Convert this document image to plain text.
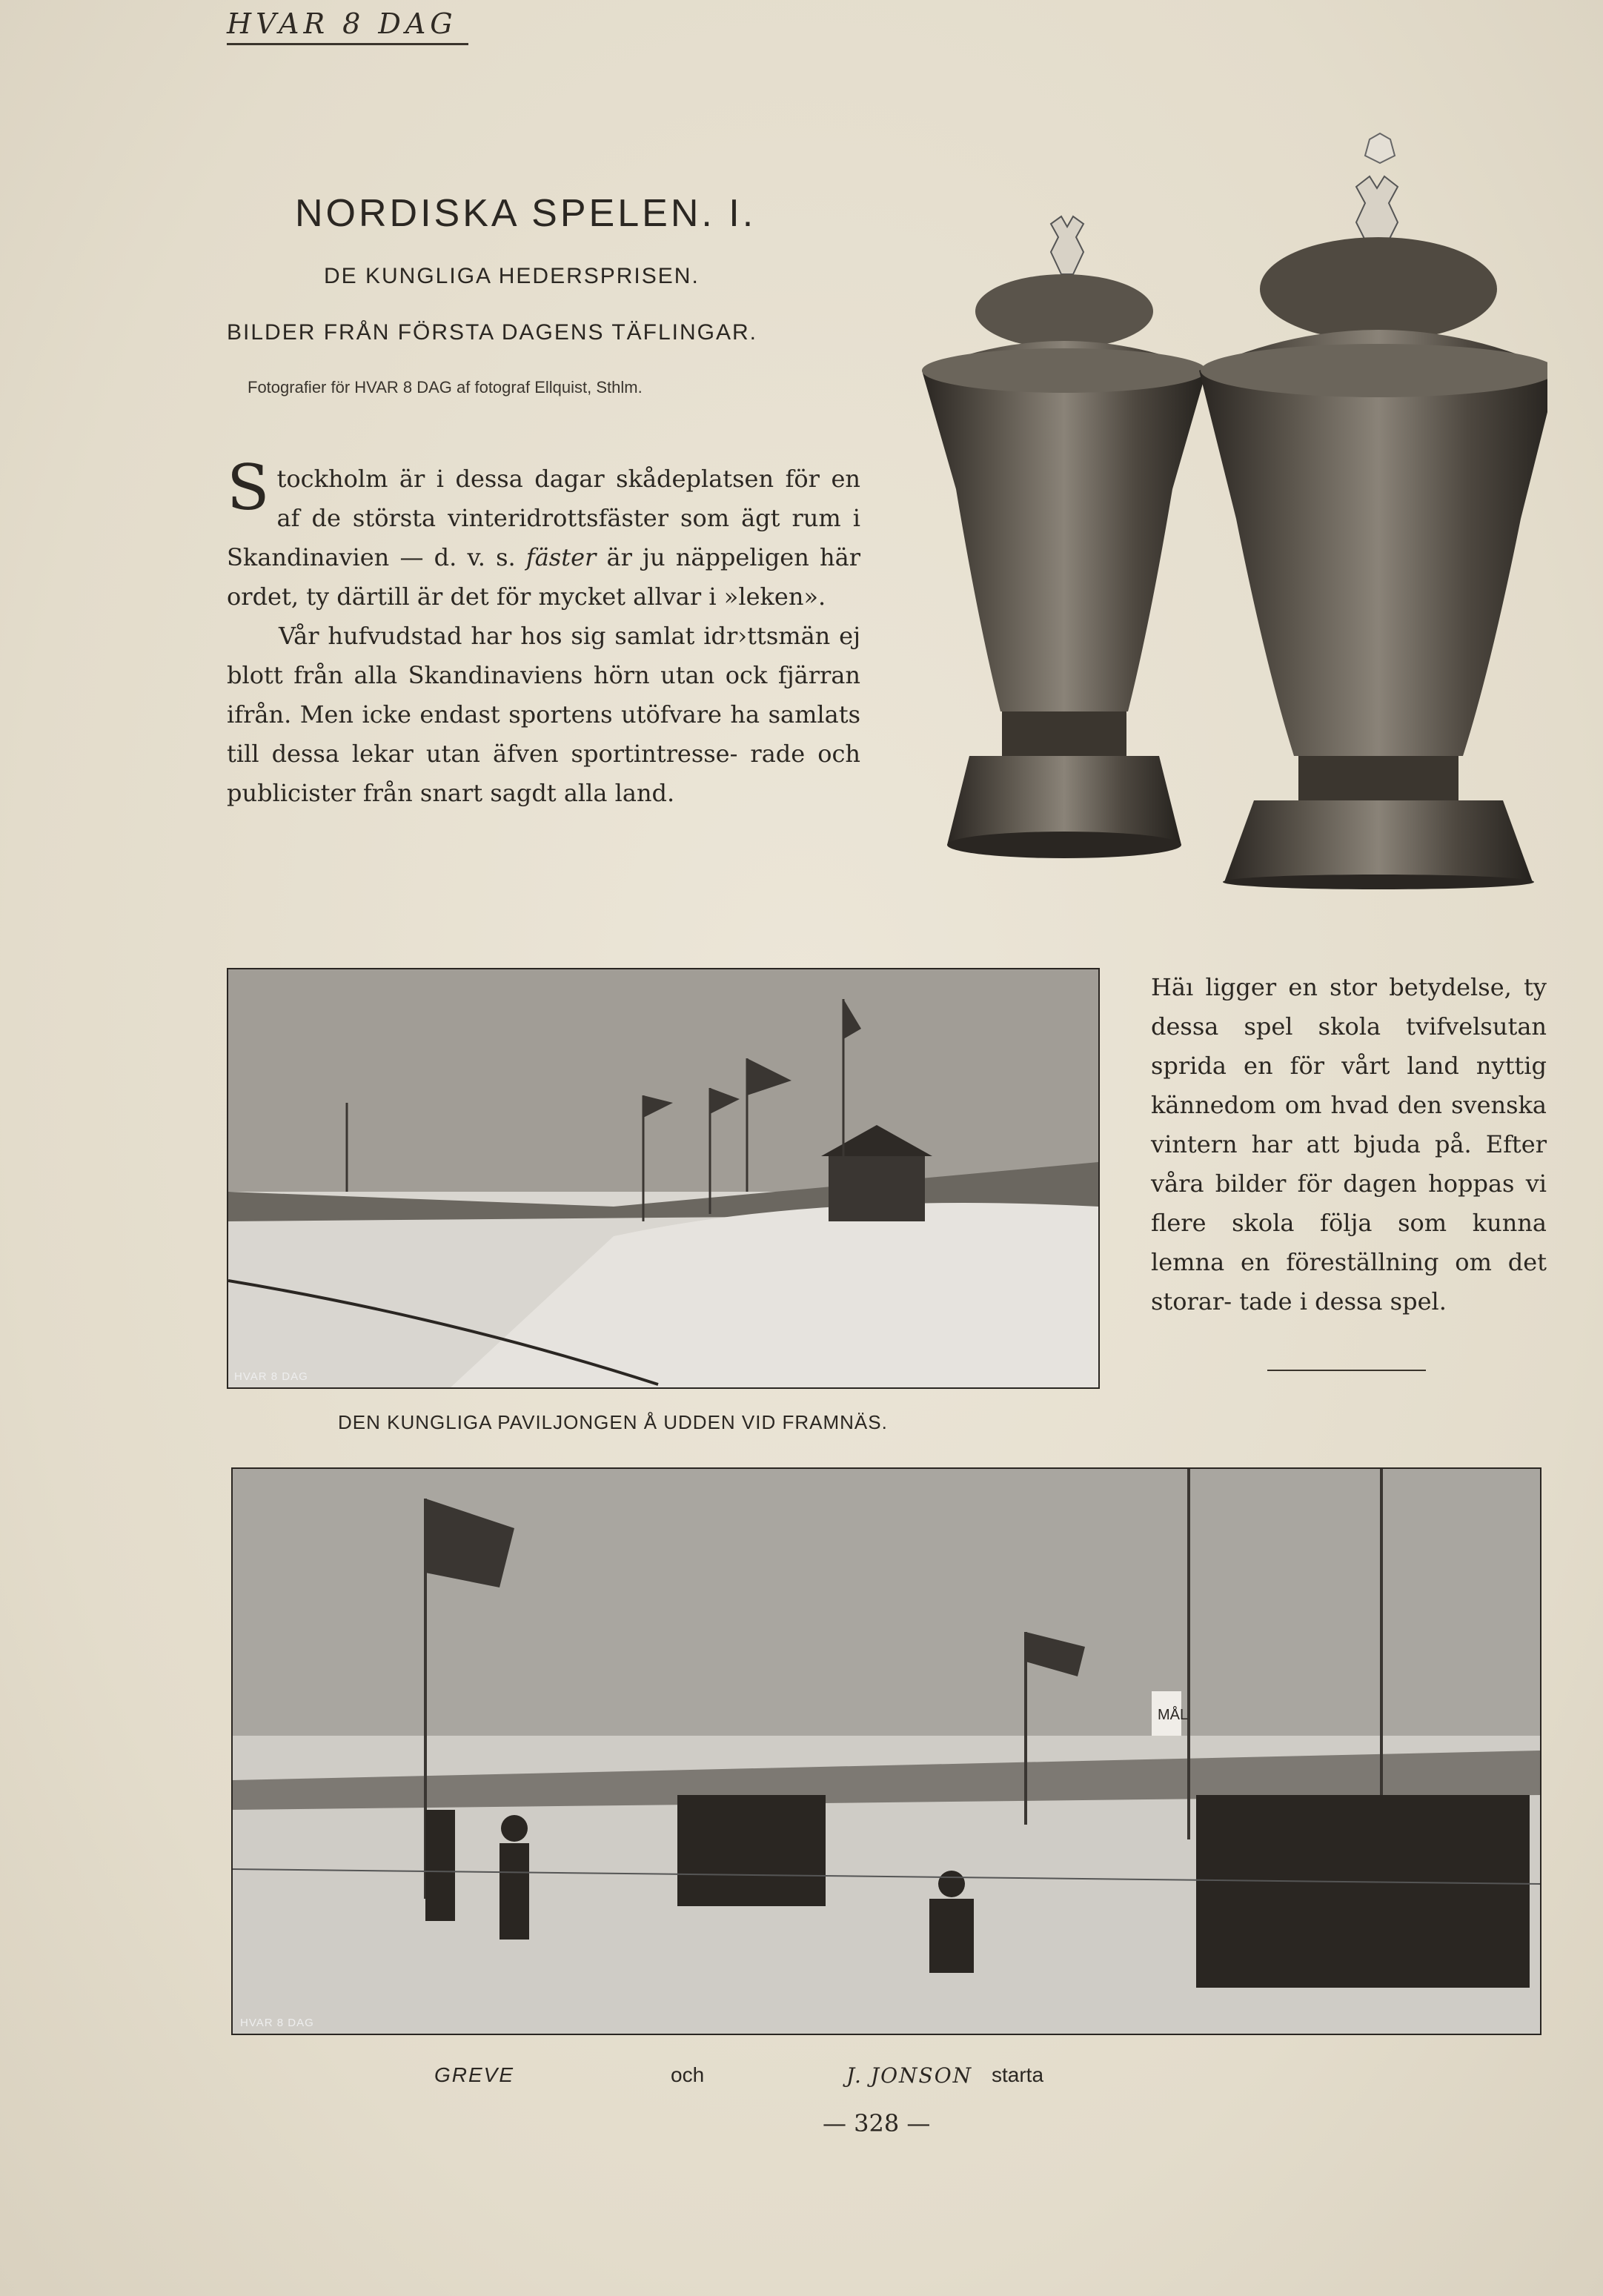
HVAR 8 DAG
NORDISKA SPELEN. I.
DE KUNGLIGA HEDERSPRISEN.
BILDER FRÅN FÖRSTA DAGENS TÄFLINGAR.
Fotografier för HVAR 8 DAG af fotograf Ellquist, Sthlm.

Stockholm är i dessa dagar skådeplatsen för en af de största vinteridrottsfäster som ägt rum i Skandinavien — d. v. s. fäster är ju näppeligen här ordet, ty därtill är det för mycket allvar i »leken».

Vår hufvudstad har hos sig samlat idr›ttsmän ej blott från alla Skandinaviens hörn utan ock fjärran ifrån. Men icke endast sportens utöfvare ha samlats till dessa lekar utan äfven sportintresse- rade och publicister från snart sagdt alla land.

HVAR 8 DAG

Häı ligger en stor betydelse, ty dessa spel skola tvifvelsutan sprida en för vårt land nyttig kännedom om hvad den svenska vintern har att bjuda på. Efter våra bilder för dagen hoppas vi flere skola följa som kunna lemna en föreställning om det storar- tade i dessa spel.

DEN KUNGLIGA PAVILJONGEN Å UDDEN VID FRAMNÄS.
MÅL
HVAR 8 DAG
GREVE	och	J. JONSON starta
— 328 —
